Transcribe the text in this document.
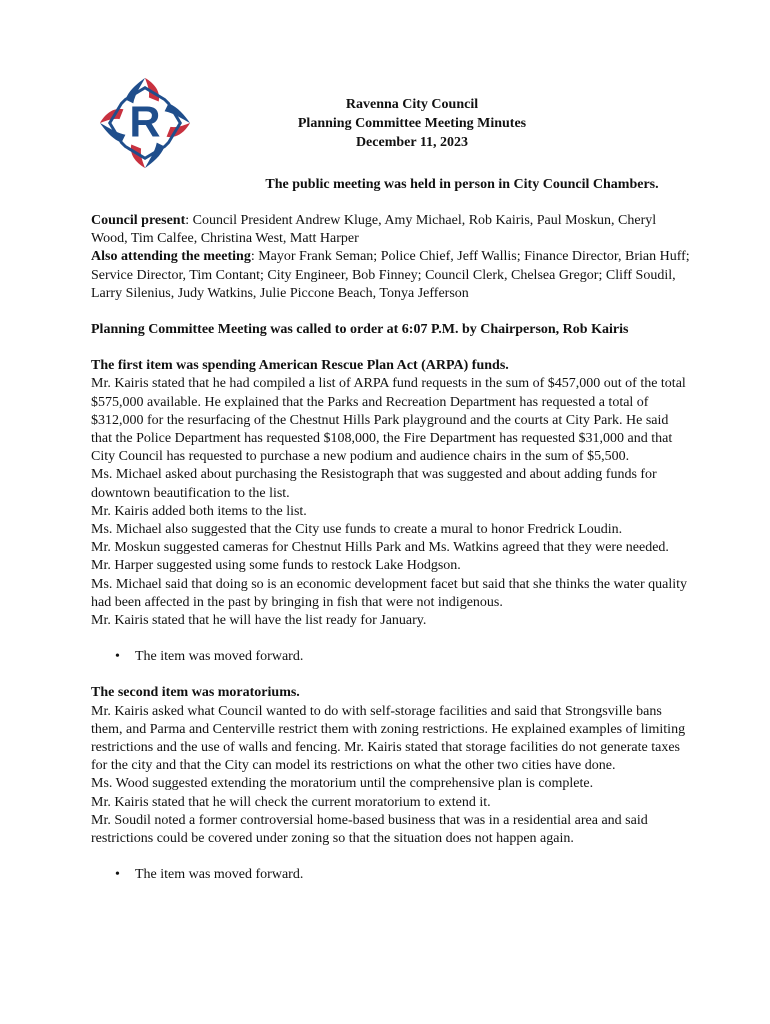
R	Ravenna City Council
Planning Committee Meeting Minutes
December 11, 2023
The public meeting was held in person in City Council Chambers.

Council present: Council President Andrew Kluge, Amy Michael, Rob Kairis, Paul Moskun, Cheryl Wood, Tim Calfee, Christina West, Matt Harper

Also attending the meeting: Mayor Frank Seman; Police Chief, Jeff Wallis; Finance Director, Brian Huff; Service Director, Tim Contant; City Engineer, Bob Finney; Council Clerk, Chelsea Gregor; Cliff Soudil, Larry Silenius, Judy Watkins, Julie Piccone Beach, Tonya Jefferson

Planning Committee Meeting was called to order at 6:07 P.M. by Chairperson, Rob Kairis

The first item was spending American Rescue Plan Act (ARPA) funds.

Mr. Kairis stated that he had compiled a list of ARPA fund requests in the sum of $457,000 out of the total $575,000 available. He explained that the Parks and Recreation Department has requested a total of $312,000 for the resurfacing of the Chestnut Hills Park playground and the courts at City Park. He said that the Police Department has requested $108,000, the Fire Department has requested $31,000 and that City Council has requested to purchase a new podium and audience chairs in the sum of $5,500.

Ms. Michael asked about purchasing the Resistograph that was suggested and about adding funds for downtown beautification to the list.

Mr. Kairis added both items to the list.

Ms. Michael also suggested that the City use funds to create a mural to honor Fredrick Loudin.

Mr. Moskun suggested cameras for Chestnut Hills Park and Ms. Watkins agreed that they were needed.

Mr. Harper suggested using some funds to restock Lake Hodgson.

Ms. Michael said that doing so is an economic development facet but said that she thinks the water quality had been affected in the past by bringing in fish that were not indigenous.

Mr. Kairis stated that he will have the list ready for January.

• The item was moved forward.

The second item was moratoriums.

Mr. Kairis asked what Council wanted to do with self-storage facilities and said that Strongsville bans them, and Parma and Centerville restrict them with zoning restrictions. He explained examples of limiting restrictions and the use of walls and fencing. Mr. Kairis stated that storage facilities do not generate taxes for the city and that the City can model its restrictions on what the other two cities have done.

Ms. Wood suggested extending the moratorium until the comprehensive plan is complete.

Mr. Kairis stated that he will check the current moratorium to extend it.

Mr. Soudil noted a former controversial home-based business that was in a residential area and said restrictions could be covered under zoning so that the situation does not happen again.

• The item was moved forward.
